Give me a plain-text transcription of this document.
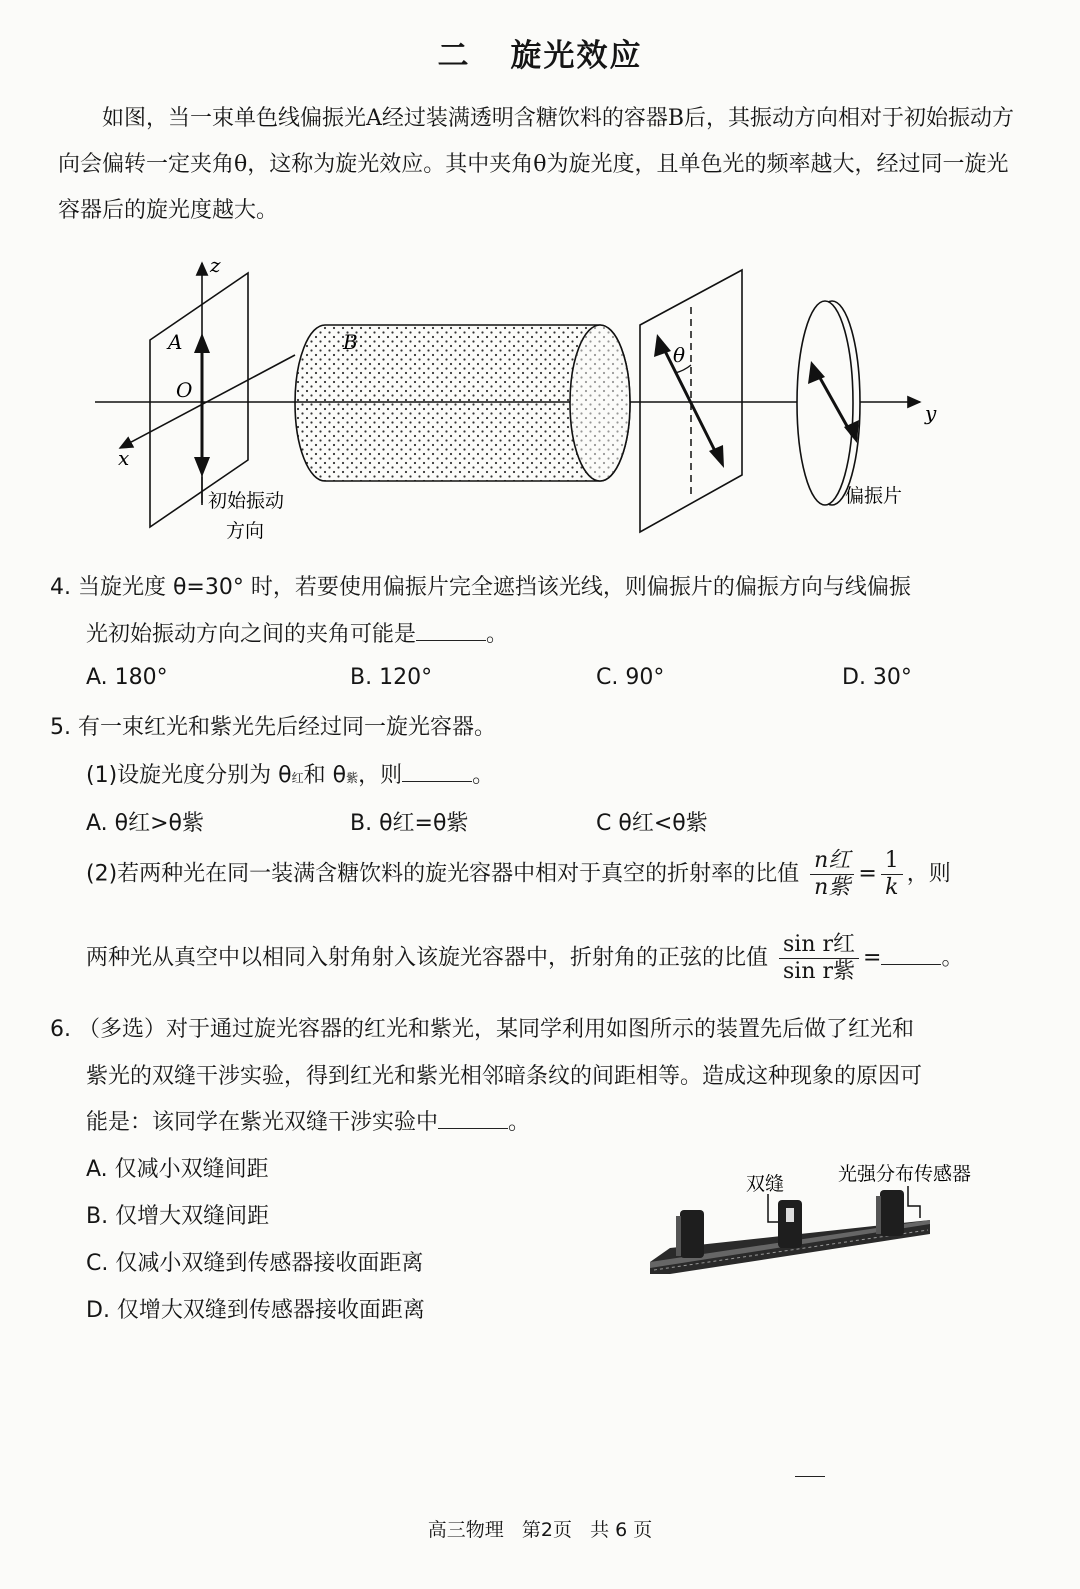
二 旋光效应

如图，当一束单色线偏振光A经过装满透明含糖饮料的容器B后，其振动方向相对于初始振动方向会偏转一定夹角θ，这称为旋光效应。其中夹角θ为旋光度，且单色光的频率越大，经过同一旋光容器后的旋光度越大。

z
x
y
O
A
初始振动
方向
B
θ
偏振片
4. 当旋光度 θ=30° 时，若要使用偏振片完全遮挡该光线，则偏振片的偏振方向与线偏振
光初始振动方向之间的夹角可能是	。
A. 180°	B. 120°	C. 90°	D. 30°
5. 有一束红光和紫光先后经过同一旋光容器。
(1)设旋光度分别为 θ红和 θ紫，则	。
A. θ红>θ紫	B. θ红=θ紫	C θ红<θ紫
(2)若两种光在同一装满含糖饮料的旋光容器中相对于真空的折射率的比值 $\frac{\text{n红}}{\text{n紫}} = \frac{1}{k}$ ，则
两种光从真空中以相同入射角射入该旋光容器中，折射角的正弦的比值 $\frac{\text{sin r红}}{\text{sin r紫}}$ =	。
6. （多选）对于通过旋光容器的红光和紫光，某同学利用如图所示的装置先后做了红光和
紫光的双缝干涉实验，得到红光和紫光相邻暗条纹的间距相等。造成这种现象的原因可
能是：该同学在紫光双缝干涉实验中	。
A. 仅减小双缝间距
B. 仅增大双缝间距
C. 仅减小双缝到传感器接收面距离
D. 仅增大双缝到传感器接收面距离
双缝	光强分布传感器
高三物理 第2页 共 6 页
